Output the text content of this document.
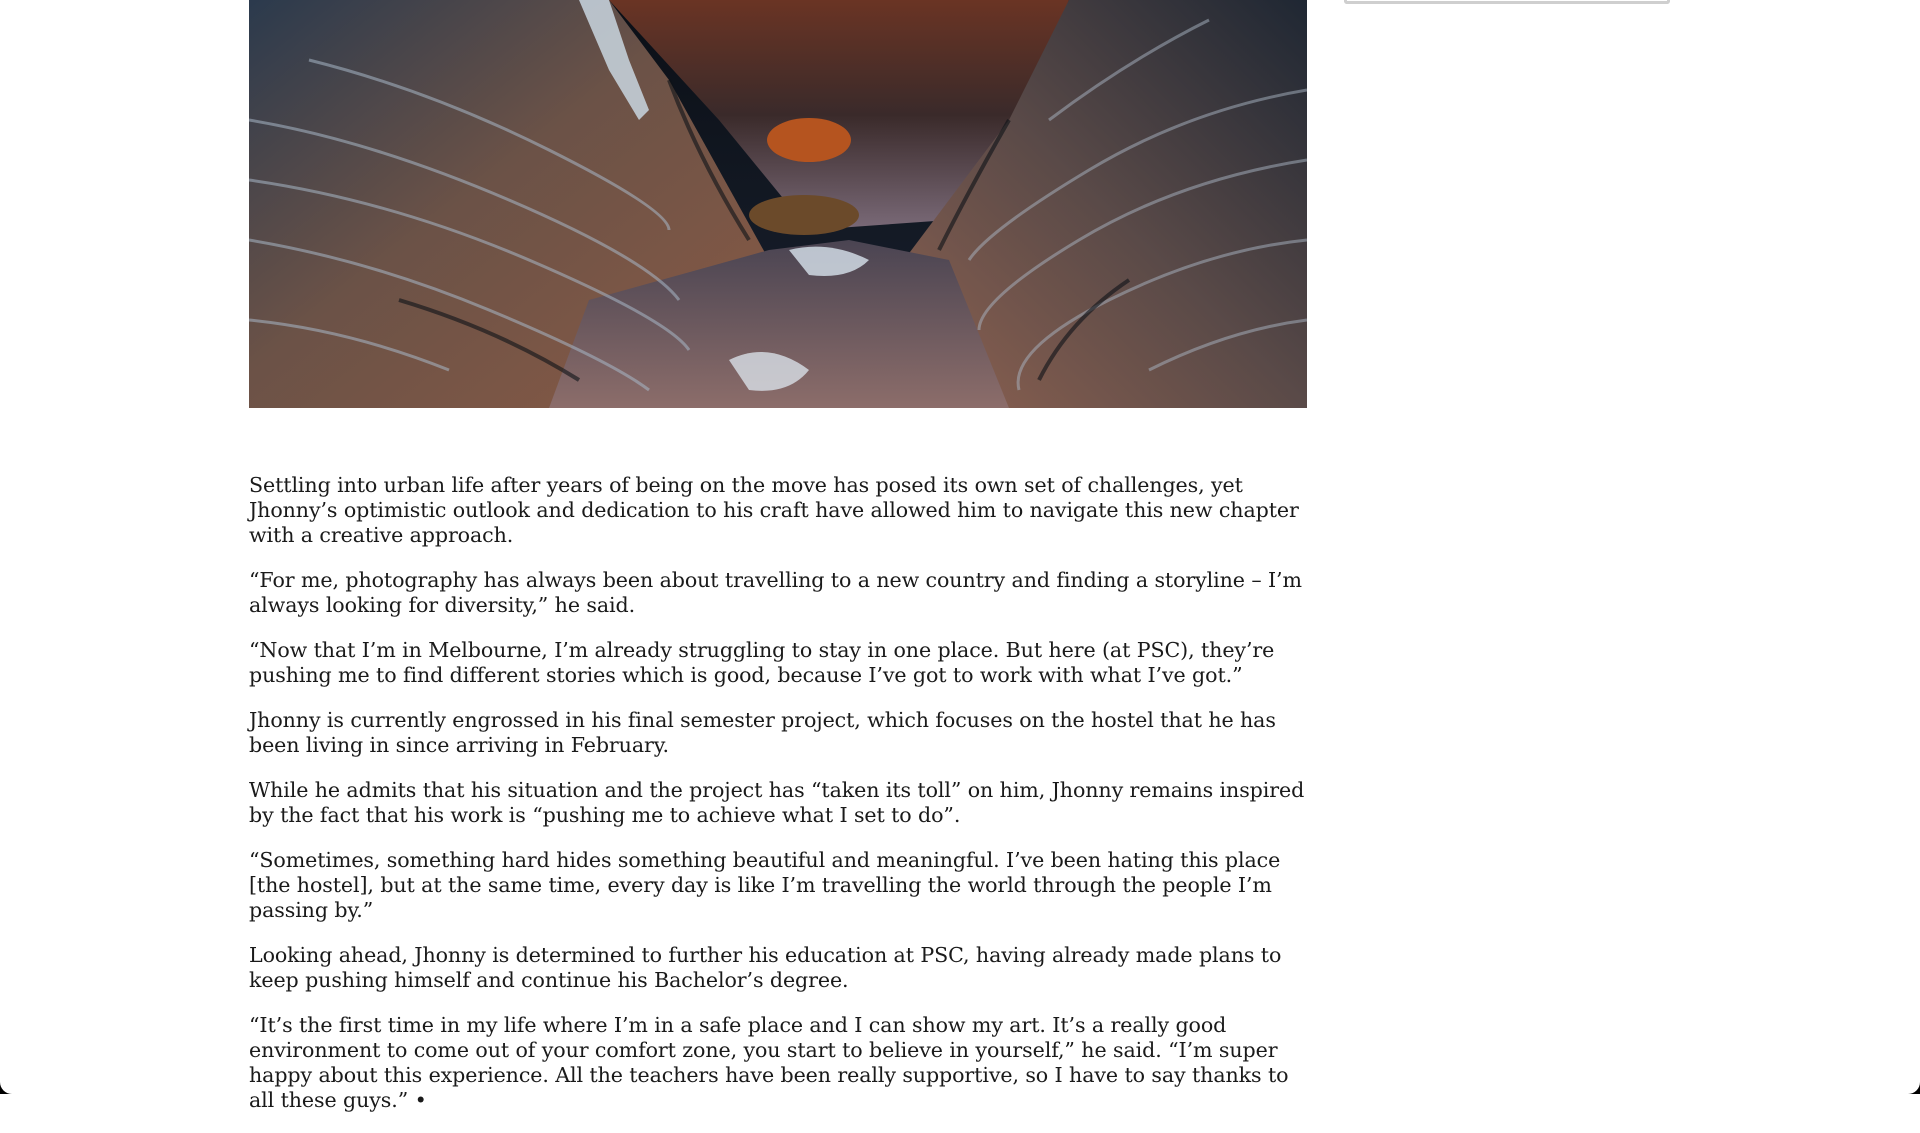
Settling into urban life after years of being on the move has posed its own set of challenges, yet Jhonny’s optimistic outlook and dedication to his craft have allowed him to navigate this new chapter with a creative approach.

“For me, photography has always been about travelling to a new country and finding a storyline – I’m always looking for diversity,” he said.

“Now that I’m in Melbourne, I’m already struggling to stay in one place. But here (at PSC), they’re pushing me to find different stories which is good, because I’ve got to work with what I’ve got.”

Jhonny is currently engrossed in his final semester project, which focuses on the hostel that he has been living in since arriving in February.

While he admits that his situation and the project has “taken its toll” on him, Jhonny remains inspired by the fact that his work is “pushing me to achieve what I set to do”.

“Sometimes, something hard hides something beautiful and meaningful. I’ve been hating this place [the hostel], but at the same time, every day is like I’m travelling the world through the people I’m passing by.”

Looking ahead, Jhonny is determined to further his education at PSC, having already made plans to keep pushing himself and continue his Bachelor’s degree.

“It’s the first time in my life where I’m in a safe place and I can show my art. It’s a really good environment to come out of your comfort zone, you start to believe in yourself,” he said. “I’m super happy about this experience. All the teachers have been really supportive, so I have to say thanks to all these guys.” •
